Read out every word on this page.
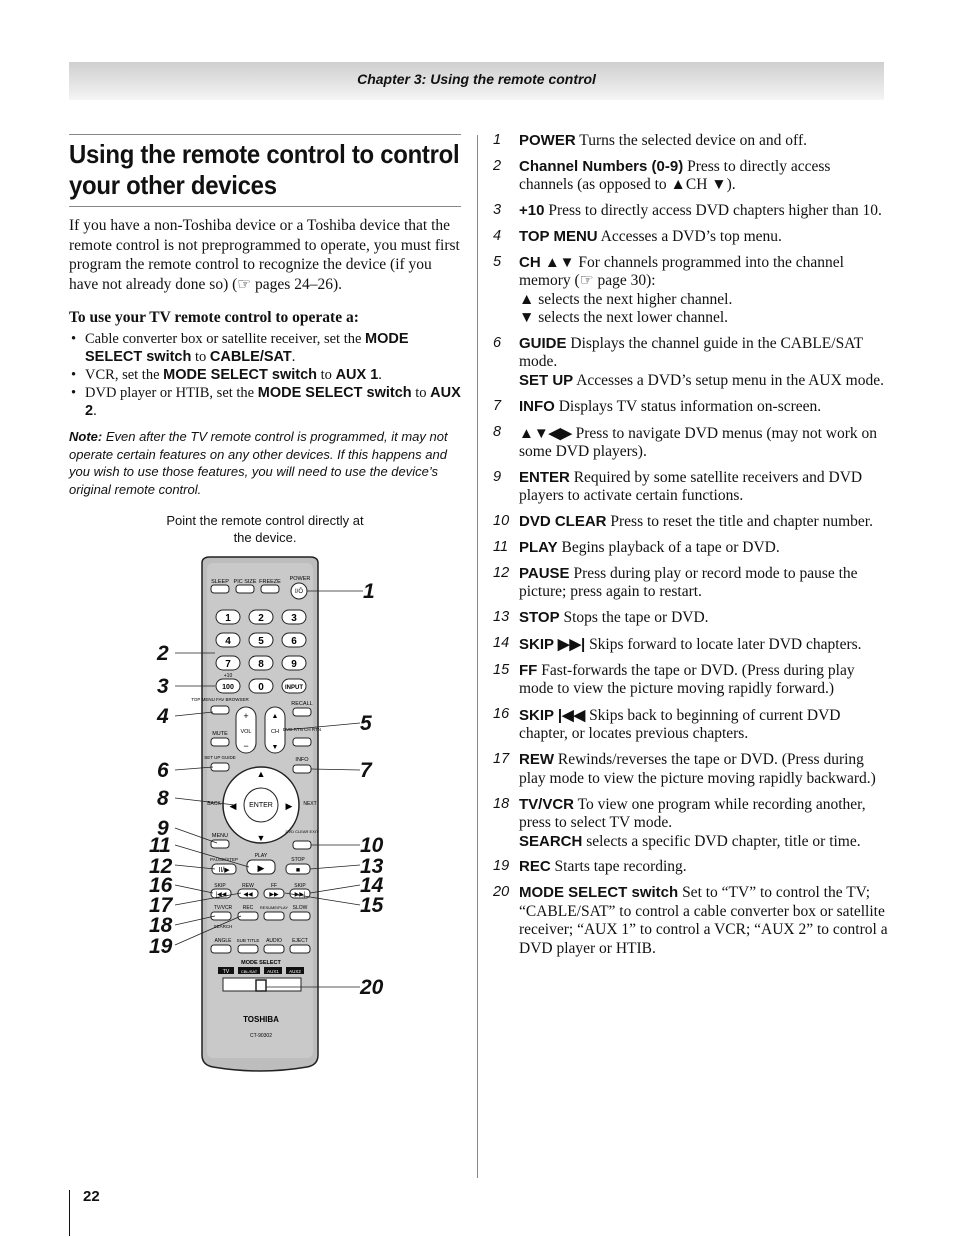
Chapter 3: Using the remote control
Using the remote control to control your other devices

If you have a non-Toshiba device or a Toshiba device that the remote control is not preprogrammed to operate, you must first program the remote control to recognize the device (if you have not already done so) (☞ pages 24–26).

To use your TV remote control to operate a:
• Cable converter box or satellite receiver, set the MODE SELECT switch to CABLE/SAT.
• VCR, set the MODE SELECT switch to AUX 1.
• DVD player or HTIB, set the MODE SELECT switch to AUX 2.
Note: Even after the TV remote control is programmed, it may not operate certain features on any other devices. If this happens and you wish to use those features, you will need to use the device’s original remote control.
Point the remote control directly at the device.
SLEEP PIC SIZE FREEZE POWER
I/Ô
1	2	3
4	5	6
7	8	9
+10
100 0	INPUT
TOP MENU FAV BROWSER
RECALL
+
VOL
−
▲
CH
▼
MUTE
DVD RTN CH RTN
SET UP GUIDE	INFO
ENTER
▲
▼
◀	▶
BACK	NEXT
MENU
DVD CLEAR EXIT
PAUSE/STEP
II/▶
PLAY
▶
STOP
■
SKIP	REW	FF	SKIP
|◀◀	◀◀	▶▶	▶▶|
TV/VCR REC RESUME/PLAY SLOW
SEARCH
ANGLE SUB TITLE AUDIO EJECT
MODE SELECT
TV	CBL/SAT AUX1 AUX2
TOSHIBA
CT-90302
1
2
3
4	5
6	7
8
9
10
11
12	13
14
15
16
17
18
19
20
1 POWER Turns the selected device on and off.
2 Channel Numbers (0-9) Press to directly access channels (as opposed to ▲CH ▼).
3 +10 Press to directly access DVD chapters higher than 10.
4 TOP MENU Accesses a DVD’s top menu.
5 CH ▲▼ For channels programmed into the channel memory (☞ page 30):
▲ selects the next higher channel.
▼ selects the next lower channel.
6 GUIDE Displays the channel guide in the CABLE/SAT mode.
SET UP Accesses a DVD’s setup menu in the AUX mode.
7 INFO Displays TV status information on-screen.
8 ▲▼◀▶ Press to navigate DVD menus (may not work on some DVD players).
9 ENTER Required by some satellite receivers and DVD players to activate certain functions.
10 DVD CLEAR Press to reset the title and chapter number.
11 PLAY Begins playback of a tape or DVD.
12 PAUSE Press during play or record mode to pause the picture; press again to restart.
13 STOP Stops the tape or DVD.
14 SKIP ▶▶| Skips forward to locate later DVD chapters.
15 FF Fast-forwards the tape or DVD. (Press during play mode to view the picture moving rapidly forward.)
16 SKIP |◀◀ Skips back to beginning of current DVD chapter, or locates previous chapters.
17 REW Rewinds/reverses the tape or DVD. (Press during play mode to view the picture moving rapidly backward.)
18 TV/VCR To view one program while recording another, press to select TV mode.
SEARCH selects a specific DVD chapter, title or time.
19 REC Starts tape recording.
20 MODE SELECT switch Set to “TV” to control the TV; “CABLE/SAT” to control a cable converter box or satellite receiver; “AUX 1” to control a VCR; “AUX 2” to control a DVD player or HTIB.
22
